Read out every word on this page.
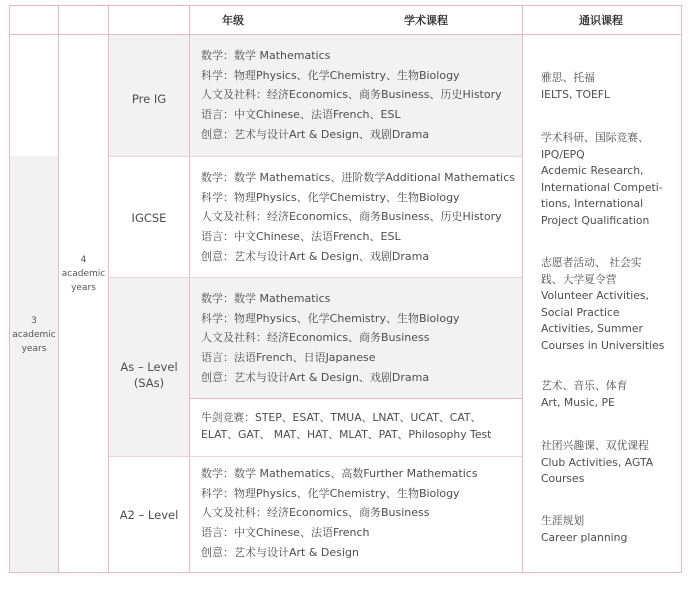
年级	学术课程	通识课程
3
academic
years
4
academic
years
Pre IG
IGCSE
As – Level
(SAs)
A2 – Level
数学：数学 Mathematics
科学：物理Physics、化学Chemistry、生物Biology
人文及社科：经济Economics、商务Business、历史History
语言：中文Chinese、法语French、ESL
创意：艺术与设计Art & Design、戏剧Drama
数学：数学 Mathematics、进阶数学Additional Mathematics
科学：物理Physics、化学Chemistry、生物Biology
人文及社科：经济Economics、商务Business、历史History
语言：中文Chinese、法语French、ESL
创意：艺术与设计Art & Design、戏剧Drama
数学：数学 Mathematics
科学：物理Physics、化学Chemistry、生物Biology
人文及社科：经济Economics、商务Business
语言：法语French、日语Japanese
创意：艺术与设计Art & Design、戏剧Drama
牛剑竞赛：STEP、ESAT、TMUA、LNAT、UCAT、CAT、
ELAT、GAT、 MAT、HAT、MLAT、PAT、Philosophy Test
数学：数学 Mathematics、高数Further Mathematics
科学：物理Physics、化学Chemistry、生物Biology
人文及社科：经济Economics、商务Business
语言：中文Chinese、法语French
创意：艺术与设计Art & Design
雅思、托福
IELTS, TOEFL
学术科研、国际竞赛、
IPQ/EPQ
Acdemic Research,
International Competi-
tions, International
Project Qualification
志愿者活动、 社会实
践、大学夏令营
Volunteer Activities,
Social Practice
Activities, Summer
Courses in Universities
艺术、音乐、体育
Art, Music, PE
社团兴趣课、双优课程
Club Activities, AGTA
Courses
生涯规划
Career planning
